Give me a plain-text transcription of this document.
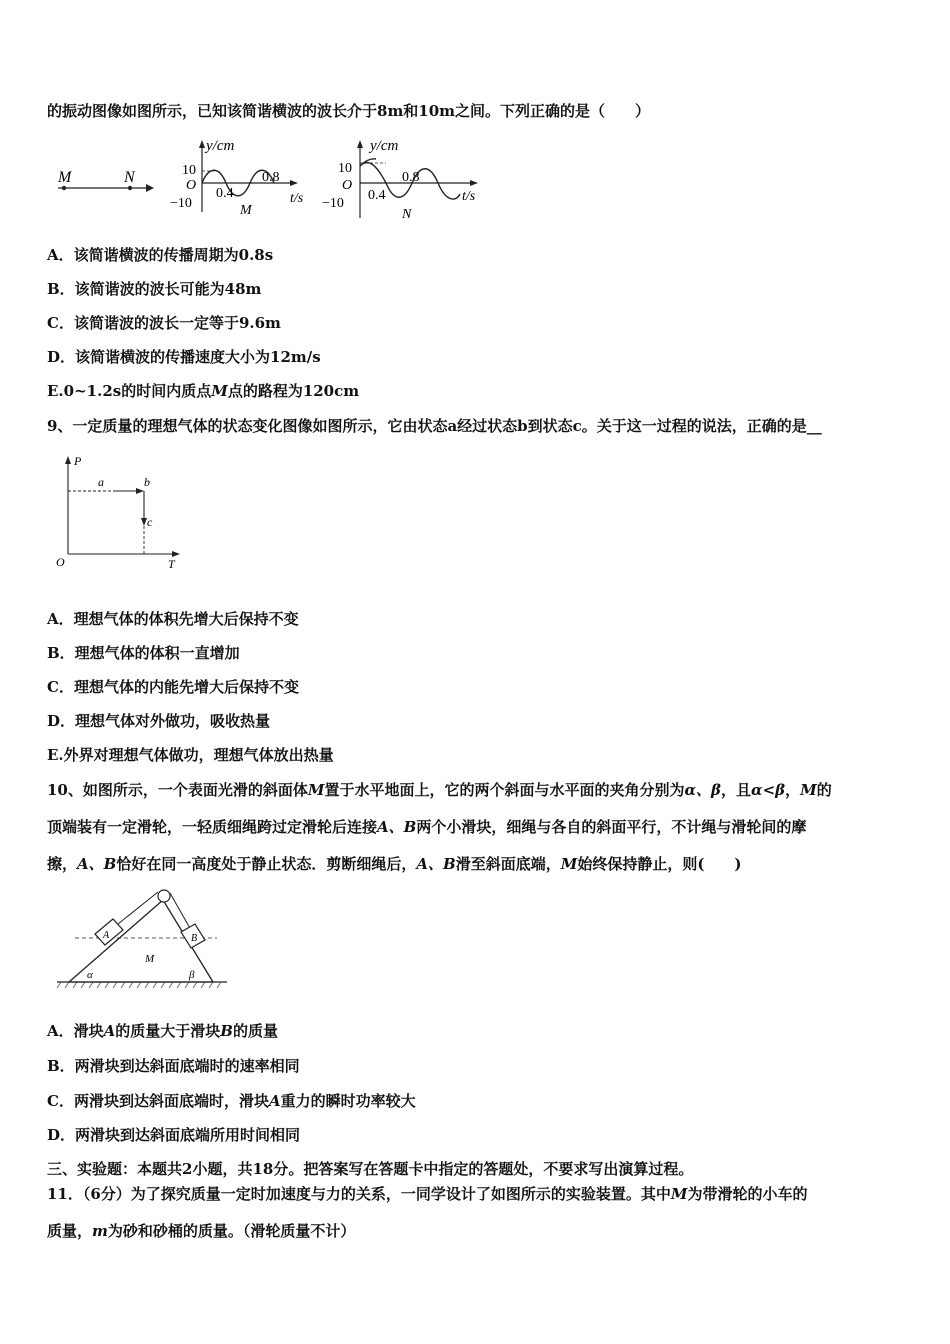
的振动图像如图所示，已知该简谐横波的波长介于8m和10m之间。下列正确的是（　　）
M	N
y/cm
10
O
−10
0.4
0.8
M
t/s
y/cm
10
O
−10
0.4
0.8
N
t/s
A．该简谐横波的传播周期为0.8s
B．该简谐波的波长可能为48m
C．该简谐波的波长一定等于9.6m
D．该简谐横波的传播速度大小为12m/s
E.0~1.2s的时间内质点M点的路程为120cm
9、一定质量的理想气体的状态变化图像如图所示，它由状态a经过状态b到状态c。关于这一过程的说法，正确的是__
P
T
O
a	b
c
A．理想气体的体积先增大后保持不变
B．理想气体的体积一直增加
C．理想气体的内能先增大后保持不变
D．理想气体对外做功，吸收热量
E.外界对理想气体做功，理想气体放出热量
10、如图所示，一个表面光滑的斜面体M置于水平地面上，它的两个斜面与水平面的夹角分别为α、β，且α<β，M的
顶端装有一定滑轮，一轻质细绳跨过定滑轮后连接A、B两个小滑块，细绳与各自的斜面平行，不计绳与滑轮间的摩
擦，A、B恰好在同一高度处于静止状态．剪断细绳后，A、B滑至斜面底端，M始终保持静止，则(　　)
A	B
M
α	β
A．滑块A的质量大于滑块B的质量
B．两滑块到达斜面底端时的速率相同
C．两滑块到达斜面底端时，滑块A重力的瞬时功率较大
D．两滑块到达斜面底端所用时间相同
三、实验题：本题共2小题，共18分。把答案写在答题卡中指定的答题处，不要求写出演算过程。
11．（6分）为了探究质量一定时加速度与力的关系，一同学设计了如图所示的实验装置。其中M为带滑轮的小车的
质量，m为砂和砂桶的质量。（滑轮质量不计）
